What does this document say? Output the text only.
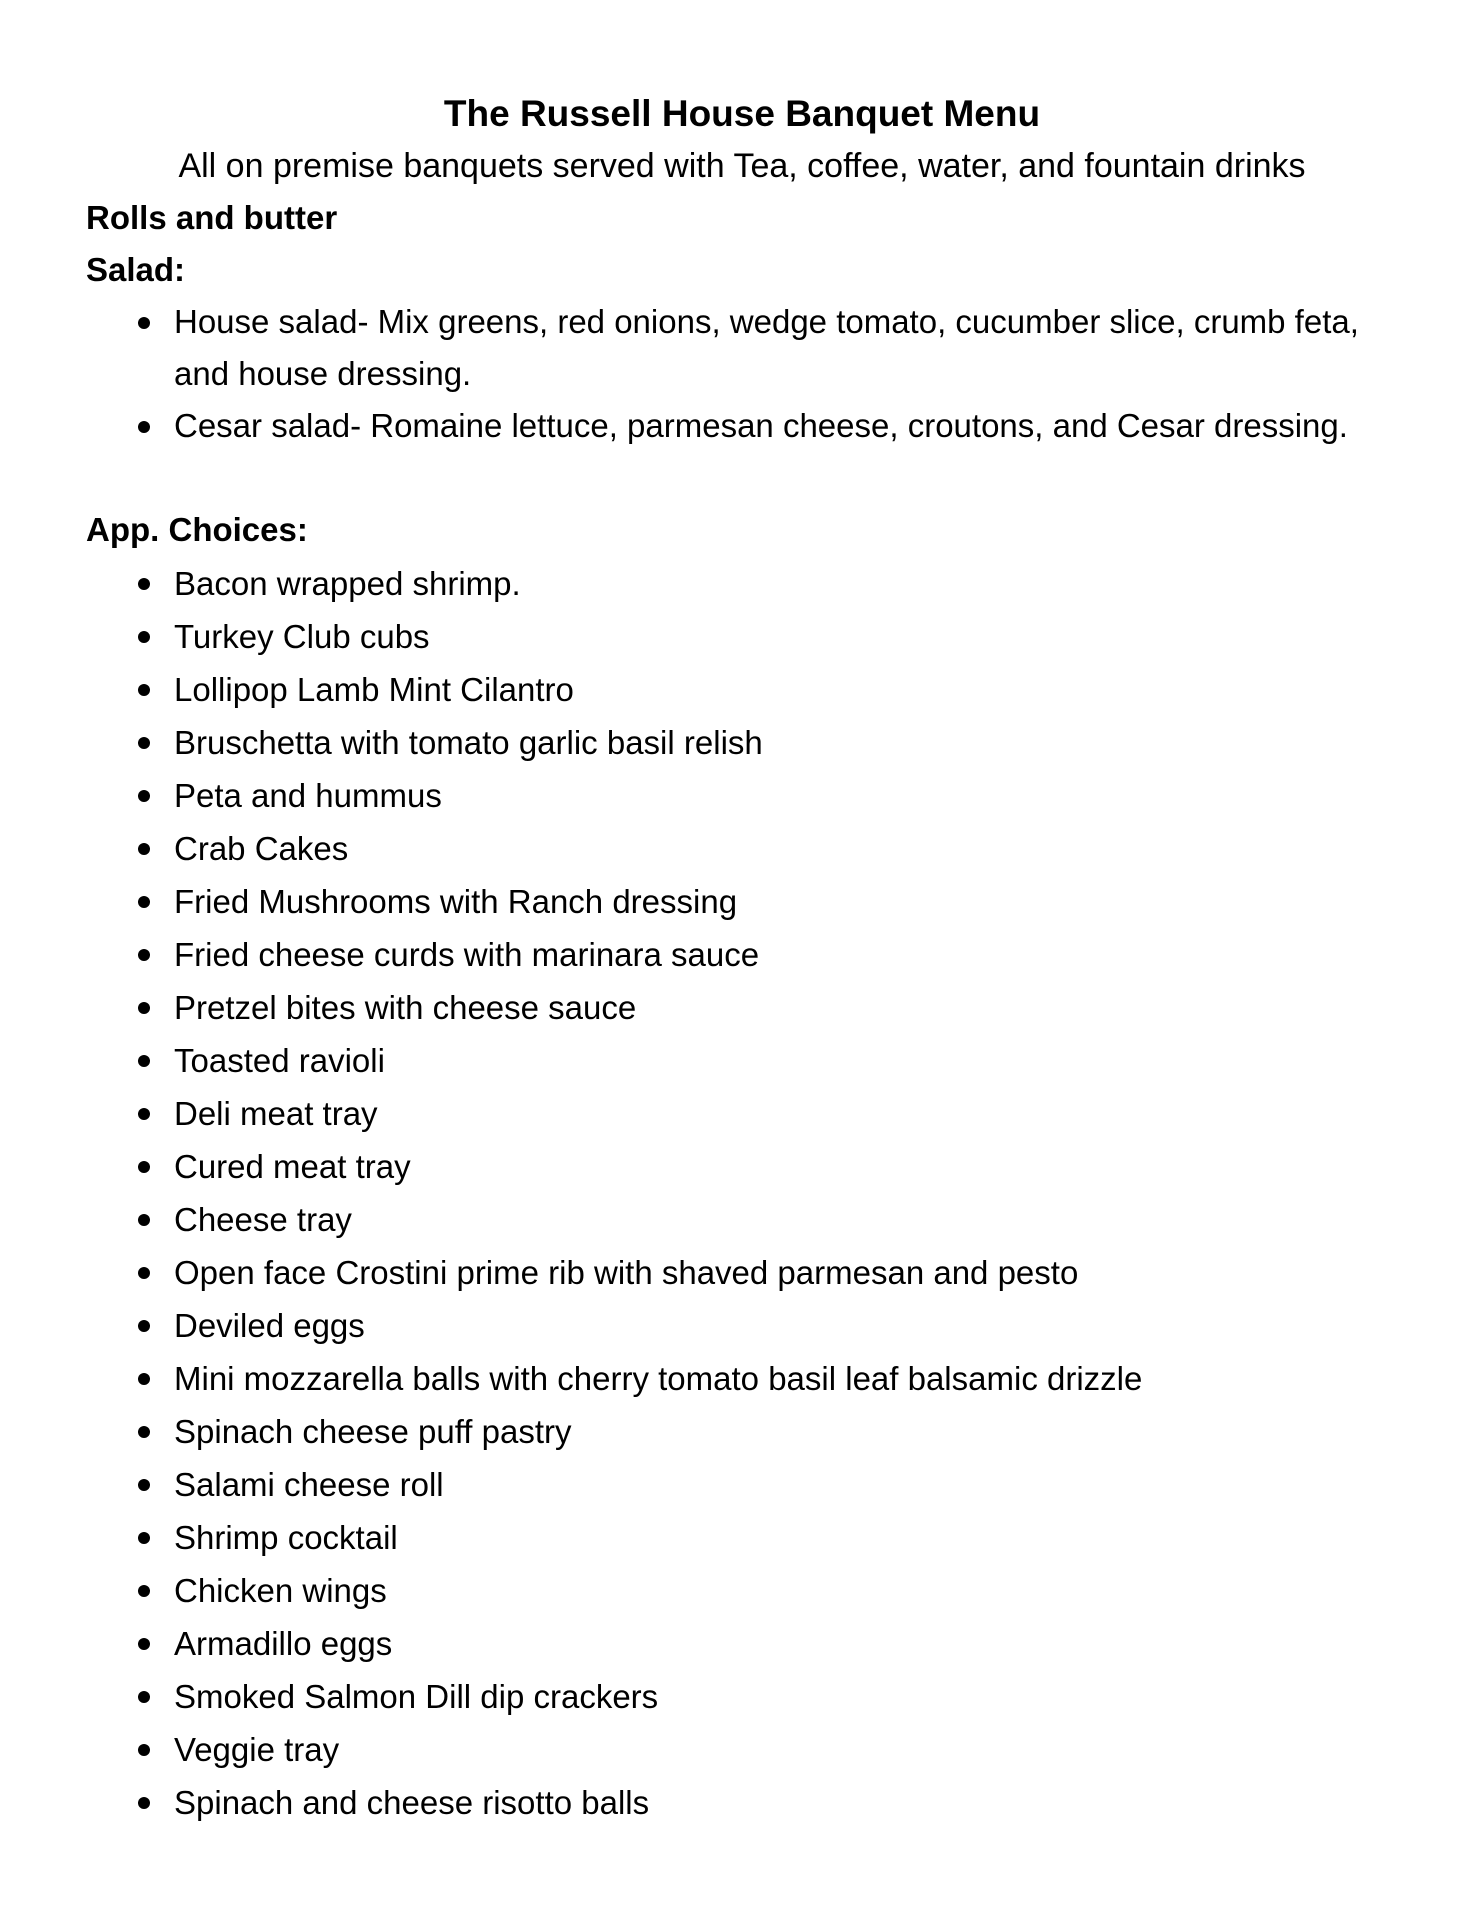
The Russell House Banquet Menu

All on premise banquets served with Tea, coffee, water, and fountain drinks

Rolls and butter

Salad:

House salad- Mix greens, red onions, wedge tomato, cucumber slice, crumb feta, and house dressing.
Cesar salad- Romaine lettuce, parmesan cheese, croutons, and Cesar dressing.

App. Choices:

Bacon wrapped shrimp.
Turkey Club cubs
Lollipop Lamb Mint Cilantro
Bruschetta with tomato garlic basil relish
Peta and hummus
Crab Cakes
Fried Mushrooms with Ranch dressing
Fried cheese curds with marinara sauce
Pretzel bites with cheese sauce
Toasted ravioli
Deli meat tray
Cured meat tray
Cheese tray
Open face Crostini prime rib with shaved parmesan and pesto
Deviled eggs
Mini mozzarella balls with cherry tomato basil leaf balsamic drizzle
Spinach cheese puff pastry
Salami cheese roll
Shrimp cocktail
Chicken wings
Armadillo eggs
Smoked Salmon Dill dip crackers
Veggie tray
Spinach and cheese risotto balls
